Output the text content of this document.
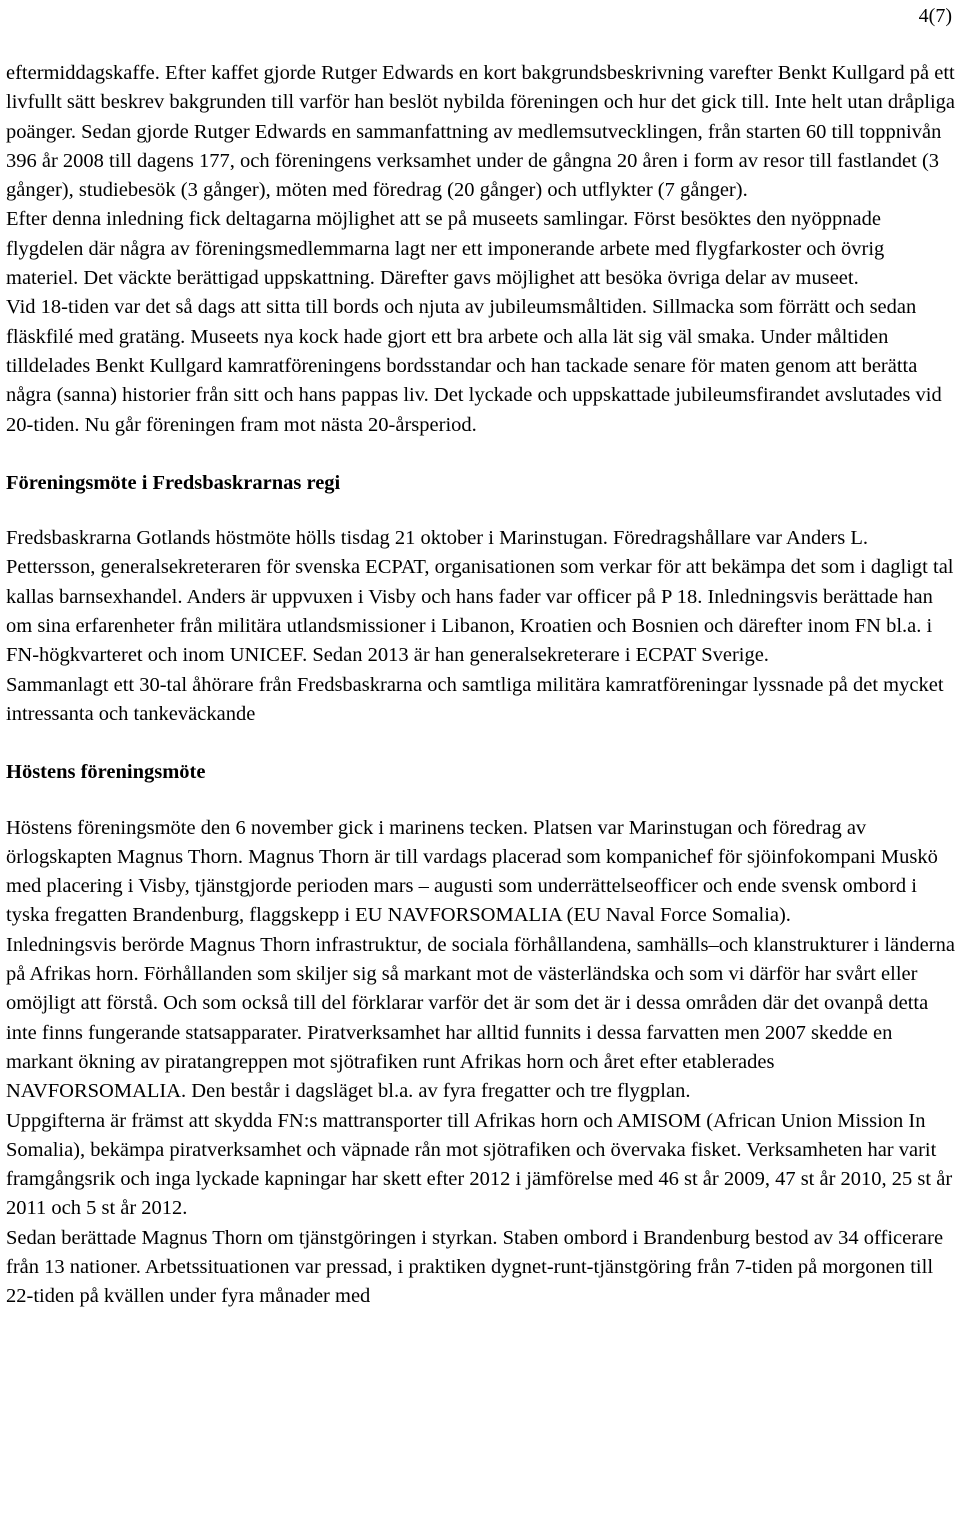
4(7)

eftermiddagskaffe. Efter kaffet gjorde Rutger Edwards en kort bakgrundsbeskrivning varefter Benkt Kullgard på ett livfullt sätt beskrev bakgrunden till varför han beslöt nybilda föreningen och hur det gick till. Inte helt utan dråpliga poänger. Sedan gjorde Rutger Edwards en sammanfattning av medlemsutvecklingen, från starten 60 till toppnivån 396 år 2008 till dagens 177, och föreningens verksamhet under de gångna 20 åren i form av resor till fastlandet (3 gånger), studiebesök (3 gånger), möten med föredrag (20 gånger) och utflykter (7 gånger).

Efter denna inledning fick deltagarna möjlighet att se på museets samlingar. Först besöktes den nyöppnade flygdelen där några av föreningsmedlemmarna lagt ner ett imponerande arbete med flygfarkoster och övrig materiel. Det väckte berättigad uppskattning. Därefter gavs möjlighet att besöka övriga delar av museet.

Vid 18-tiden var det så dags att sitta till bords och njuta av jubileumsmåltiden. Sillmacka som förrätt och sedan fläskfilé med gratäng. Museets nya kock hade gjort ett bra arbete och alla lät sig väl smaka. Under måltiden tilldelades Benkt Kullgard kamratföreningens bordsstandar och han tackade senare för maten genom att berätta några (sanna) historier från sitt och hans pappas liv. Det lyckade och uppskattade jubileumsfirandet avslutades vid 20-tiden. Nu går föreningen fram mot nästa 20-årsperiod.

Föreningsmöte i Fredsbaskrarnas regi

Fredsbaskrarna Gotlands höstmöte hölls tisdag 21 oktober i Marinstugan. Föredragshållare var Anders L. Pettersson, generalsekreteraren för svenska ECPAT, organisationen som verkar för att bekämpa det som i dagligt tal kallas barnsexhandel. Anders är uppvuxen i Visby och hans fader var officer på P 18. Inledningsvis berättade han om sina erfarenheter från militära utlandsmissioner i Libanon, Kroatien och Bosnien och därefter inom FN bl.a. i FN-högkvarteret och inom UNICEF. Sedan 2013 är han generalsekreterare i ECPAT Sverige.

Sammanlagt ett 30-tal åhörare från Fredsbaskrarna och samtliga militära kamratföreningar lyssnade på det mycket intressanta och tankeväckande

Höstens föreningsmöte

Höstens föreningsmöte den 6 november gick i marinens tecken. Platsen var Marinstugan och föredrag av örlogskapten Magnus Thorn. Magnus Thorn är till vardags placerad som kompanichef för sjöinfokompani Muskö med placering i Visby, tjänstgjorde perioden mars – augusti som underrättelseofficer och ende svensk ombord i tyska fregatten Brandenburg, flaggskepp i EU NAVFORSOMALIA (EU Naval Force Somalia).

Inledningsvis berörde Magnus Thorn infrastruktur, de sociala förhållandena, samhälls–och klanstrukturer i länderna på Afrikas horn. Förhållanden som skiljer sig så markant mot de västerländska och som vi därför har svårt eller omöjligt att förstå. Och som också till del förklarar varför det är som det är i dessa områden där det ovanpå detta inte finns fungerande statsapparater. Piratverksamhet har alltid funnits i dessa farvatten men 2007 skedde en markant ökning av piratangreppen mot sjötrafiken runt Afrikas horn och året efter etablerades NAVFORSOMALIA. Den består i dagsläget bl.a. av fyra fregatter och tre flygplan.

Uppgifterna är främst att skydda FN:s mattransporter till Afrikas horn och AMISOM (African Union Mission In Somalia), bekämpa piratverksamhet och väpnade rån mot sjötrafiken och övervaka fisket. Verksamheten har varit framgångsrik och inga lyckade kapningar har skett efter 2012 i jämförelse med 46 st år 2009, 47 st år 2010, 25 st år 2011 och 5 st år 2012.

Sedan berättade Magnus Thorn om tjänstgöringen i styrkan. Staben ombord i Brandenburg bestod av 34 officerare från 13 nationer. Arbetssituationen var pressad, i praktiken dygnet-runt-tjänstgöring från 7-tiden på morgonen till 22-tiden på kvällen under fyra månader med
